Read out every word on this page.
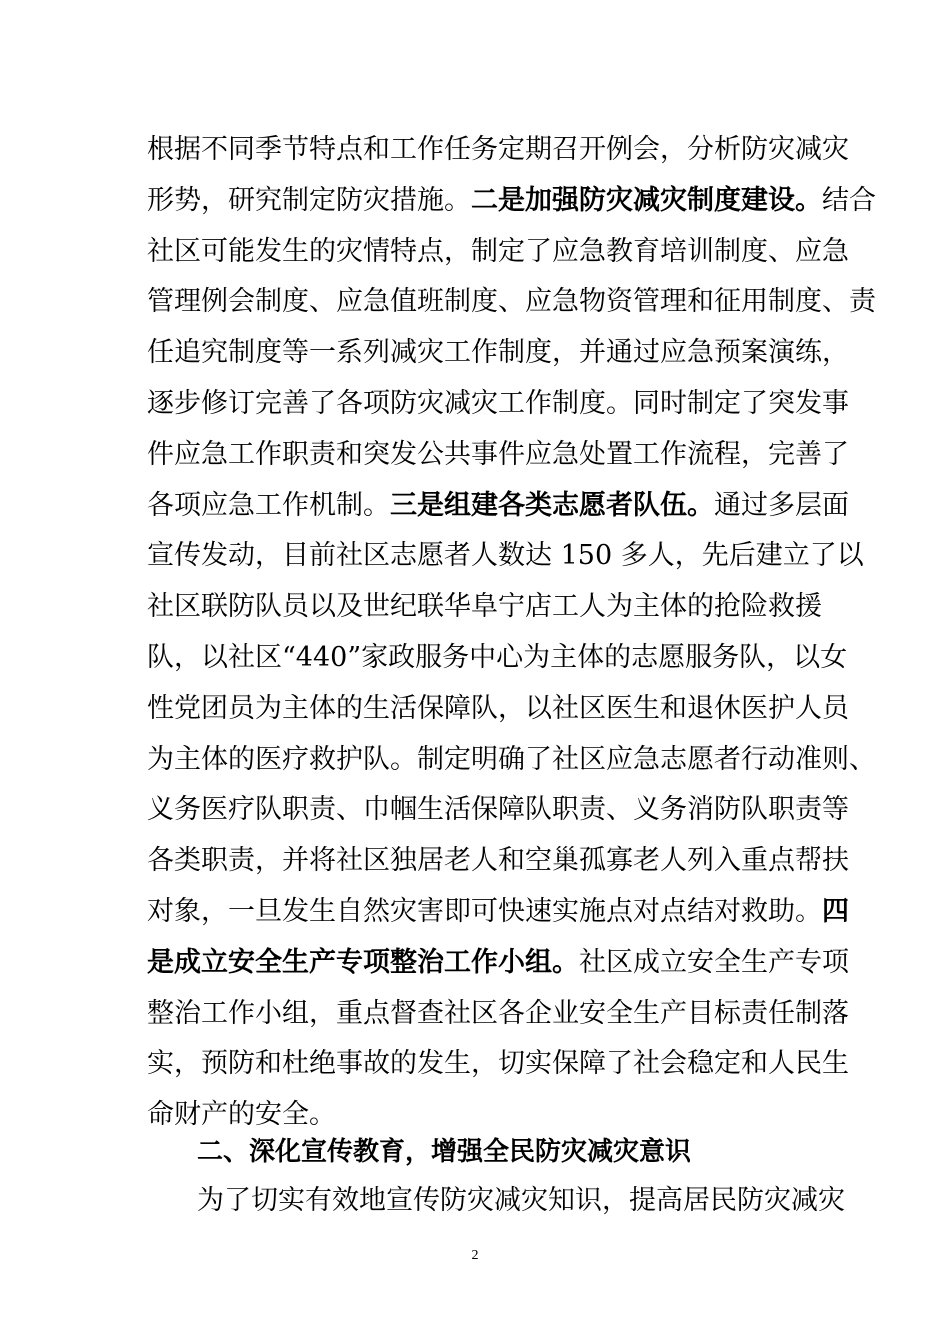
根据不同季节特点和工作任务定期召开例会，分析防灾减灾
形势，研究制定防灾措施。二是加强防灾减灾制度建设。结合
社区可能发生的灾情特点，制定了应急教育培训制度、应急
管理例会制度、应急值班制度、应急物资管理和征用制度、责
任追究制度等一系列减灾工作制度，并通过应急预案演练，
逐步修订完善了各项防灾减灾工作制度。同时制定了突发事
件应急工作职责和突发公共事件应急处置工作流程，完善了
各项应急工作机制。三是组建各类志愿者队伍。通过多层面
宣传发动，目前社区志愿者人数达 150 多人，先后建立了以
社区联防队员以及世纪联华阜宁店工人为主体的抢险救援
队，以社区“440”家政服务中心为主体的志愿服务队，以女
性党团员为主体的生活保障队，以社区医生和退休医护人员
为主体的医疗救护队。制定明确了社区应急志愿者行动准则、
义务医疗队职责、巾帼生活保障队职责、义务消防队职责等
各类职责，并将社区独居老人和空巢孤寡老人列入重点帮扶
对象，一旦发生自然灾害即可快速实施点对点结对救助。四
是成立安全生产专项整治工作小组。社区成立安全生产专项
整治工作小组，重点督查社区各企业安全生产目标责任制落
实，预防和杜绝事故的发生，切实保障了社会稳定和人民生
命财产的安全。
二、深化宣传教育，增强全民防灾减灾意识
为了切实有效地宣传防灾减灾知识，提高居民防灾减灾
2
